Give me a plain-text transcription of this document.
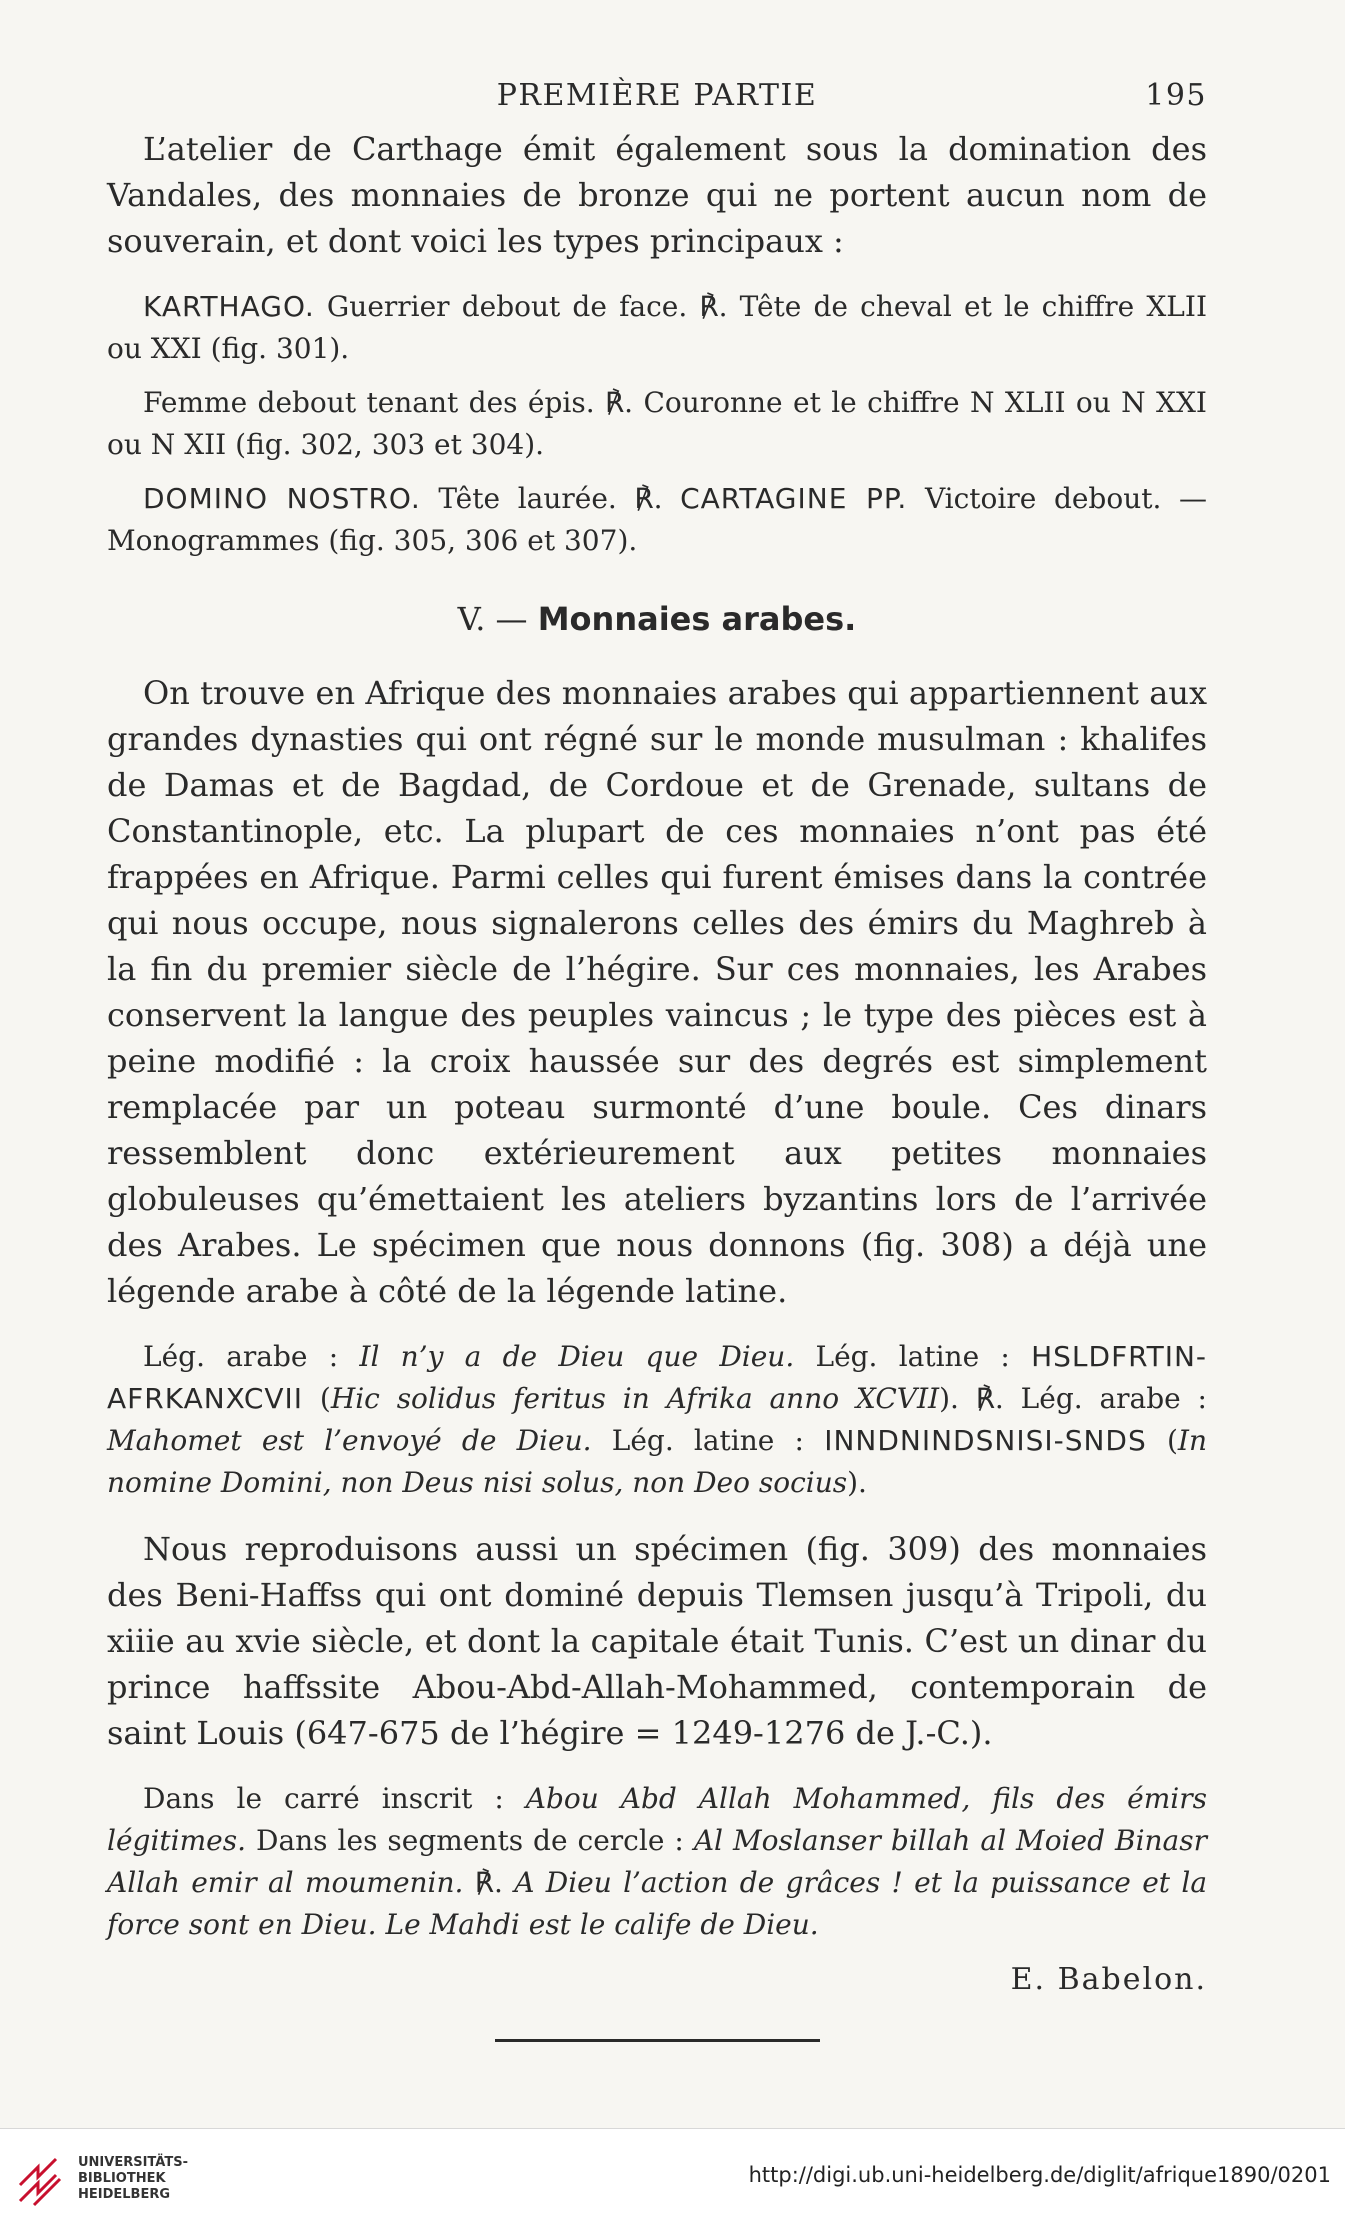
PREMIÈRE PARTIE	195

L’atelier de Carthage émit également sous la domination des Vandales, des monnaies de bronze qui ne portent aucun nom de souverain, et dont voici les types principaux :

KARTHAGO. Guerrier debout de face. ℟. Tête de cheval et le chiffre XLII ou XXI (fig. 301).

Femme debout tenant des épis. ℟. Couronne et le chiffre N XLII ou N XXI ou N XII (fig. 302, 303 et 304).

DOMINO NOSTRO. Tête laurée. ℟. CARTAGINE PP. Victoire debout. — Monogrammes (fig. 305, 306 et 307).

V. — Monnaies arabes.

On trouve en Afrique des monnaies arabes qui appartiennent aux grandes dynasties qui ont régné sur le monde musulman : khalifes de Damas et de Bagdad, de Cordoue et de Grenade, sultans de Constantinople, etc. La plupart de ces monnaies n’ont pas été frappées en Afrique. Parmi celles qui furent émises dans la contrée qui nous occupe, nous signalerons celles des émirs du Maghreb à la fin du premier siècle de l’hégire. Sur ces monnaies, les Arabes conservent la langue des peuples vaincus ; le type des pièces est à peine modifié : la croix haussée sur des degrés est simplement remplacée par un poteau surmonté d’une boule. Ces dinars ressemblent donc extérieurement aux petites monnaies globuleuses qu’émettaient les ateliers byzantins lors de l’arrivée des Arabes. Le spécimen que nous donnons (fig. 308) a déjà une légende arabe à côté de la légende latine.

Lég. arabe : Il n’y a de Dieu que Dieu. Lég. latine : HSLDFRTIN-AFRKANXCVII (Hic solidus feritus in Afrika anno XCVII). ℟. Lég. arabe : Mahomet est l’envoyé de Dieu. Lég. latine : INNDNINDSNISI-SNDS (In nomine Domini, non Deus nisi solus, non Deo socius).

Nous reproduisons aussi un spécimen (fig. 309) des monnaies des Beni-Haffss qui ont dominé depuis Tlemsen jusqu’à Tripoli, du xiiie au xvie siècle, et dont la capitale était Tunis. C’est un dinar du prince haffssite Abou-Abd-Allah-Mohammed, contemporain de saint Louis (647-675 de l’hégire = 1249-1276 de J.-C.).

Dans le carré inscrit : Abou Abd Allah Mohammed, fils des émirs légitimes. Dans les segments de cercle : Al Moslanser billah al Moied Binasr Allah emir al moumenin. ℟. A Dieu l’action de grâces ! et la puissance et la force sont en Dieu. Le Mahdi est le calife de Dieu.

E. Babelon.
UNIVERSITÄTS-
BIBLIOTHEK
HEIDELBERG
http://digi.ub.uni-heidelberg.de/diglit/afrique1890/0201
